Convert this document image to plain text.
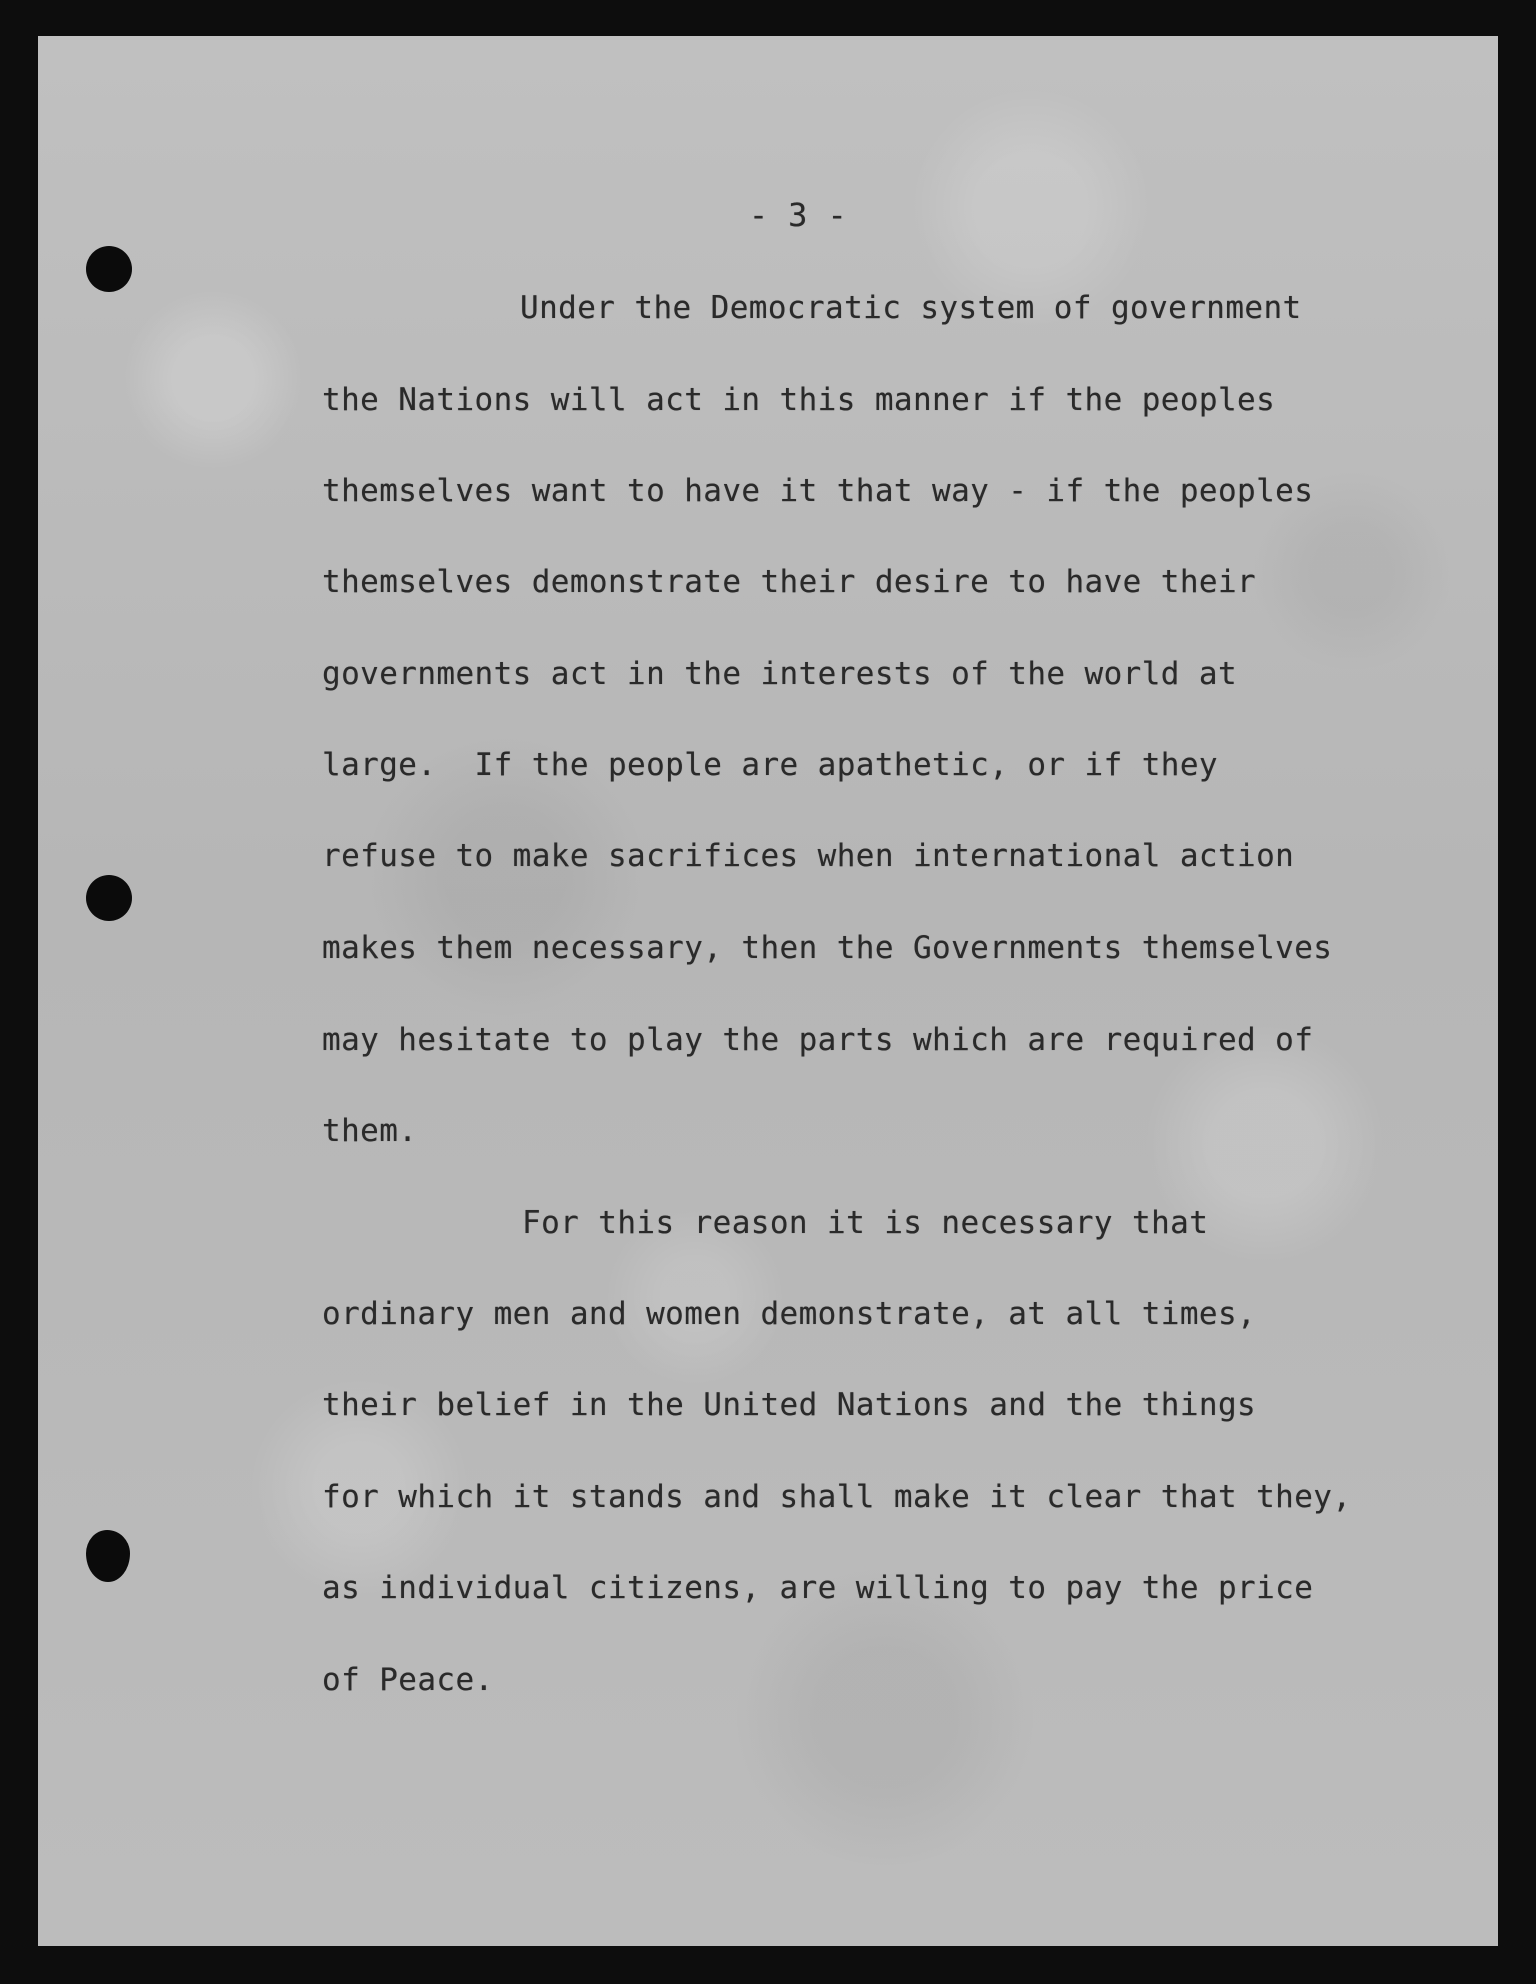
- 3 -
Under the Democratic system of government
the Nations will act in this manner if the peoples
themselves want to have it that way - if the peoples
themselves demonstrate their desire to have their
governments act in the interests of the world at
large.  If the people are apathetic, or if they
refuse to make sacrifices when international action
makes them necessary, then the Governments themselves
may hesitate to play the parts which are required of
them.
For this reason it is necessary that
ordinary men and women demonstrate, at all times,
their belief in the United Nations and the things
for which it stands and shall make it clear that they,
as individual citizens, are willing to pay the price
of Peace.
